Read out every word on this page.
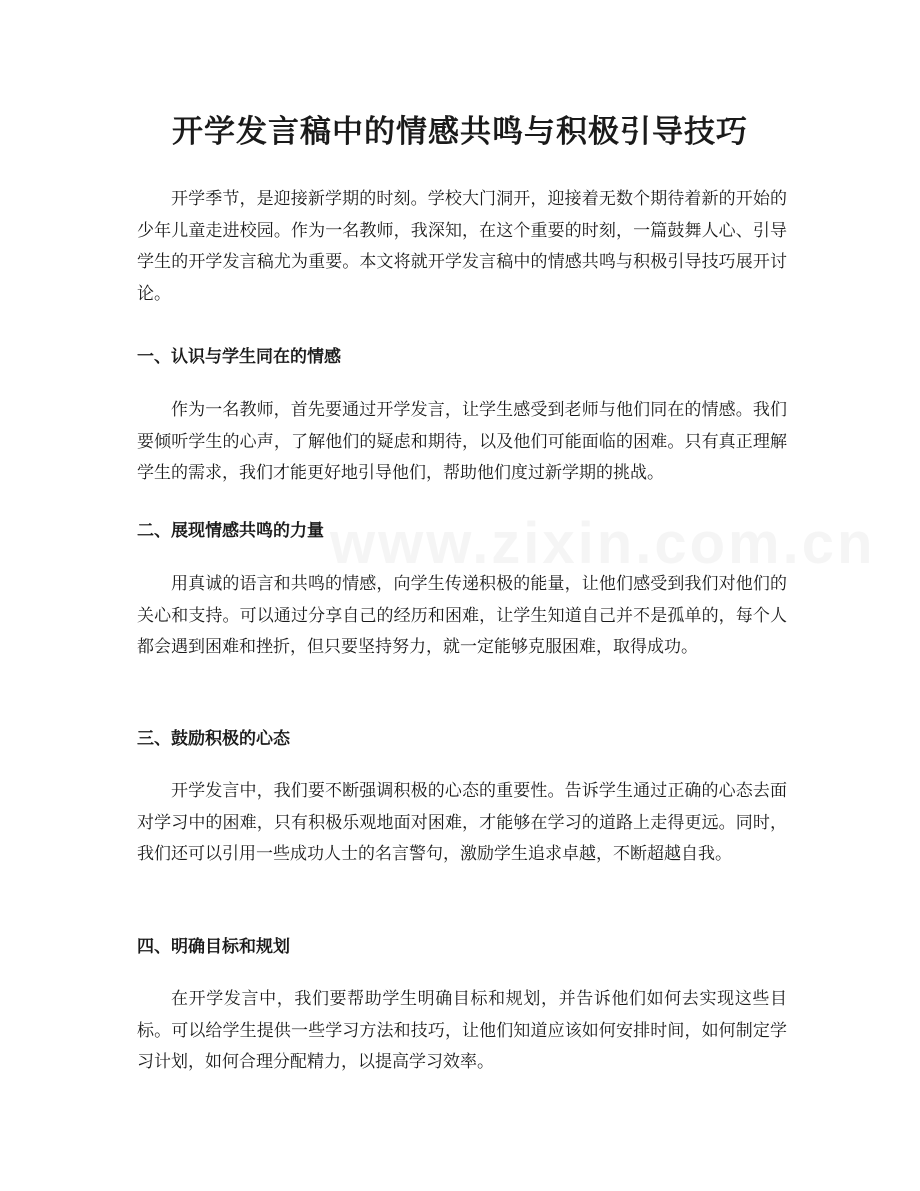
www.zixin.com.cn
开学发言稿中的情感共鸣与积极引导技巧

开学季节，是迎接新学期的时刻。学校大门洞开，迎接着无数个期待着新的开始的少年儿童走进校园。作为一名教师，我深知，在这个重要的时刻，一篇鼓舞人心、引导学生的开学发言稿尤为重要。本文将就开学发言稿中的情感共鸣与积极引导技巧展开讨论。

一、认识与学生同在的情感

作为一名教师，首先要通过开学发言，让学生感受到老师与他们同在的情感。我们要倾听学生的心声，了解他们的疑虑和期待，以及他们可能面临的困难。只有真正理解学生的需求，我们才能更好地引导他们，帮助他们度过新学期的挑战。

二、展现情感共鸣的力量

用真诚的语言和共鸣的情感，向学生传递积极的能量，让他们感受到我们对他们的关心和支持。可以通过分享自己的经历和困难，让学生知道自己并不是孤单的，每个人都会遇到困难和挫折，但只要坚持努力，就一定能够克服困难，取得成功。

三、鼓励积极的心态

开学发言中，我们要不断强调积极的心态的重要性。告诉学生通过正确的心态去面对学习中的困难，只有积极乐观地面对困难，才能够在学习的道路上走得更远。同时，我们还可以引用一些成功人士的名言警句，激励学生追求卓越，不断超越自我。

四、明确目标和规划

在开学发言中，我们要帮助学生明确目标和规划，并告诉他们如何去实现这些目标。可以给学生提供一些学习方法和技巧，让他们知道应该如何安排时间，如何制定学习计划，如何合理分配精力，以提高学习效率。
